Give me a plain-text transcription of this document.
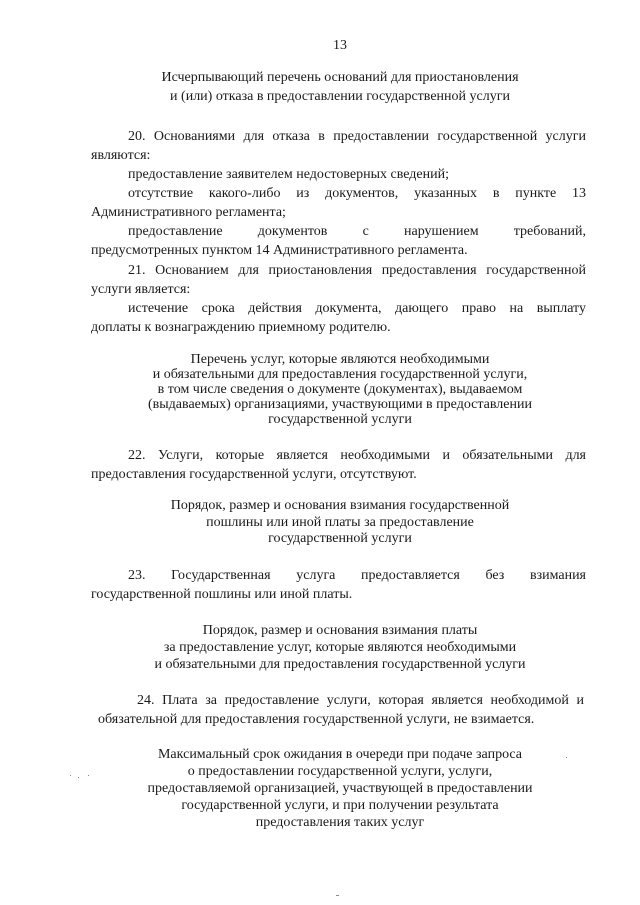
13
Исчерпывающий перечень оснований для приостановления
и (или) отказа в предоставлении государственной услуги
20. Основаниями для отказа в предоставлении государственной услуги
являются:
предоставление заявителем недостоверных сведений;
отсутствие какого-либо из документов, указанных в пункте 13
Административного регламента;
предоставление документов с нарушением требований,
предусмотренных пунктом 14 Административного регламента.
21. Основанием для приостановления предоставления государственной
услуги является:
истечение срока действия документа, дающего право на выплату
доплаты к вознаграждению приемному родителю.
Перечень услуг, которые являются необходимыми
и обязательными для предоставления государственной услуги,
в том числе сведения о документе (документах), выдаваемом
(выдаваемых) организациями, участвующими в предоставлении
государственной услуги
22. Услуги, которые является необходимыми и обязательными для
предоставления государственной услуги, отсутствуют.
Порядок, размер и основания взимания государственной
пошлины или иной платы за предоставление
государственной услуги
23. Государственная услуга предоставляется без взимания
государственной пошлины или иной платы.
Порядок, размер и основания взимания платы
за предоставление услуг, которые являются необходимыми
и обязательными для предоставления государственной услуги
24. Плата за предоставление услуги, которая является необходимой и
обязательной для предоставления государственной услуги, не взимается.
Максимальный срок ожидания в очереди при подаче запроса
о предоставлении государственной услуги, услуги,
предоставляемой организацией, участвующей в предоставлении
государственной услуги, и при получении результата
предоставления таких услуг
